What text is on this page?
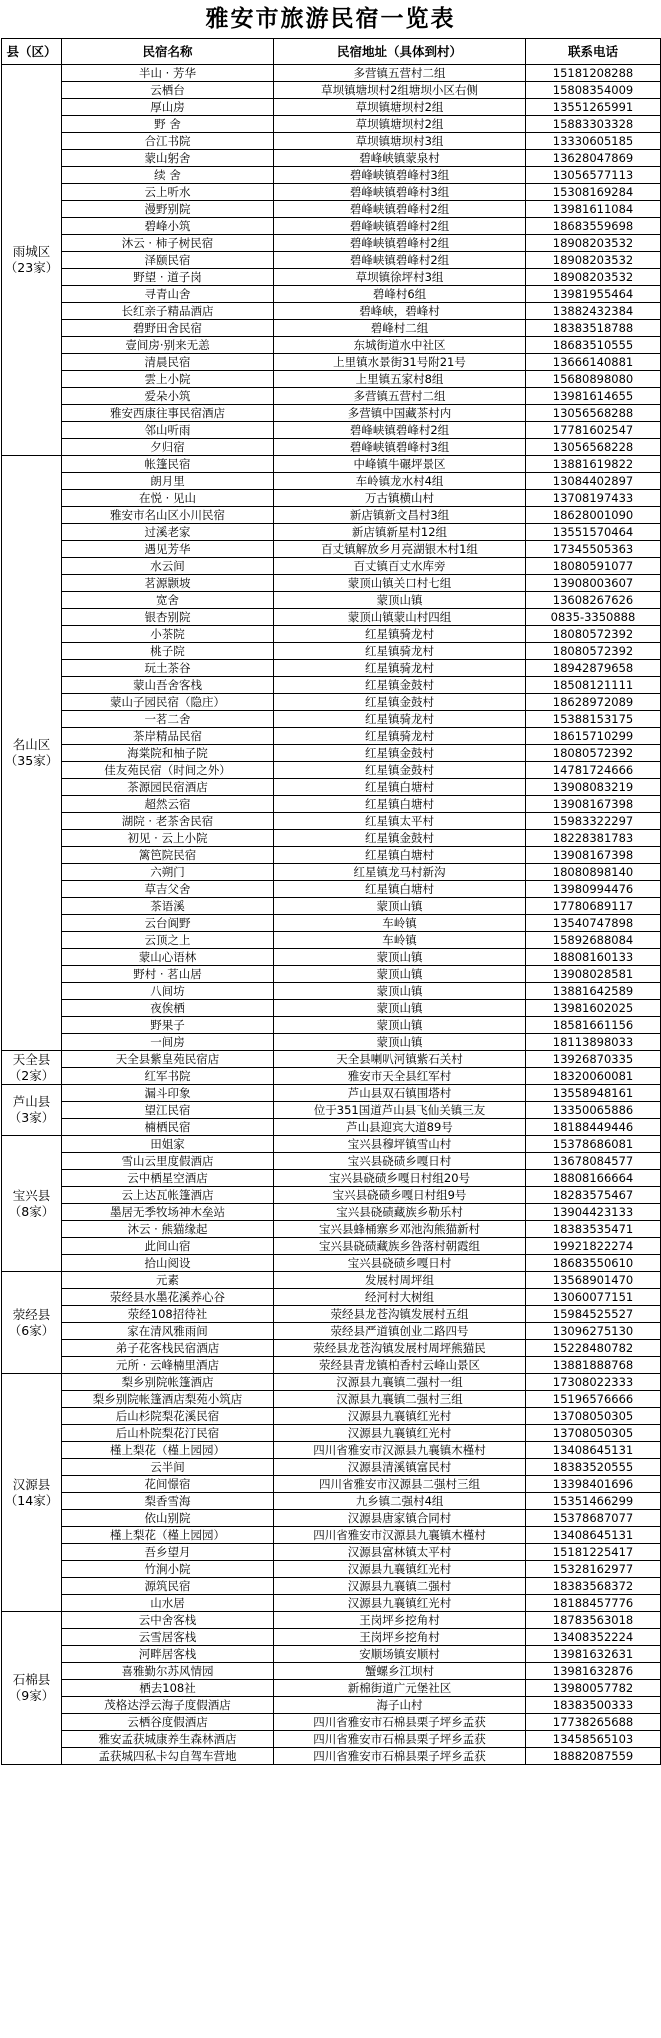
雅安市旅游民宿一览表
县（区）	民宿名称	民宿地址（具体到村）	联系电话
雨城区（23家）	半山 · 芳华	多营镇五营村二组	15181208288
	云栖台	草坝镇塘坝村2组塘坝小区右侧	15808354009
	厚山房	草坝镇塘坝村2组	13551265991
	野 舍	草坝镇塘坝村2组	15883303328
	合江书院	草坝镇塘坝村3组	13330605185
	蒙山躬舍	碧峰峡镇蒙泉村	13628047869
	续 舍	碧峰峡镇碧峰村3组	13056577113
	云上听水	碧峰峡镇碧峰村3组	15308169284
	漫野别院	碧峰峡镇碧峰村2组	13981611084
	碧峰小筑	碧峰峡镇碧峰村2组	18683559698
	沐云 · 柿子树民宿	碧峰峡镇碧峰村2组	18908203532
	泽颐民宿	碧峰峡镇碧峰村2组	18908203532
	野望 · 道子岗	草坝镇徐坪村3组	18908203532
	寻青山舍	碧峰村6组	13981955464
	长红亲子精品酒店	碧峰峡，碧峰村	13882432384
	碧野田舍民宿	碧峰村二组	18383518788
	壹间房·别来无恙	东城街道水中社区	18683510555
	清晨民宿	上里镇水景街31号附21号	13666140881
	雲上小院	上里镇五家村8组	15680898080
	爱朵小筑	多营镇五营村二组	13981614655
	雅安西康往事民宿酒店	多营镇中国藏茶村内	13056568288
	邻山听雨	碧峰峡镇碧峰村2组	17781602547
	夕归宿	碧峰峡镇碧峰村3组	13056568228
名山区（35家）	帐篷民宿	中峰镇牛碾坪景区	13881619822
	朗月里	车岭镇龙水村4组	13084402897
	在悦 · 见山	万古镇横山村	13708197433
	雅安市名山区小川民宿	新店镇新文昌村3组	18628001090
	过溪老家	新店镇新星村12组	13551570464
	遇见芳华	百丈镇解放乡月亮湖银木村1组	17345505363
	水云间	百丈镇百丈水库旁	18080591077
	茗源颢坡	蒙顶山镇关口村七组	13908003607
	宽舍	蒙顶山镇	13608267626
	银杏别院	蒙顶山镇蒙山村四组	0835-3350888
	小茶院	红星镇骑龙村	18080572392
	桃子院	红星镇骑龙村	18080572392
	玩土茶谷	红星镇骑龙村	18942879658
	蒙山吾舍客栈	红星镇金鼓村	18508121111
	蒙山子园民宿（隐庄）	红星镇金鼓村	18628972089
	一茗二舍	红星镇骑龙村	15388153175
	茶岸精品民宿	红星镇骑龙村	18615710299
	海棠院和柚子院	红星镇金鼓村	18080572392
	佳友苑民宿（时间之外）	红星镇金鼓村	14781724666
	茶源园民宿酒店	红星镇白塘村	13908083219
	超然云宿	红星镇白塘村	13908167398
	湖院 · 老茶舍民宿	红星镇太平村	15983322297
	初见 · 云上小院	红星镇金鼓村	18228381783
	篱笆院民宿	红星镇白塘村	13908167398
	六朔门	红星镇龙马村新沟	18080898140
	草吉父舍	红星镇白塘村	13980994476
	茶语溪	蒙顶山镇	17780689117
	云台阆野	车岭镇	13540747898
	云顶之上	车岭镇	15892688084
	蒙山心语林	蒙顶山镇	18808160133
	野村 · 茗山居	蒙顶山镇	13908028581
	八间坊	蒙顶山镇	13881642589
	夜俟栖	蒙顶山镇	13981602025
	野果子	蒙顶山镇	18581661156
	一间房	蒙顶山镇	18113898033
天全县（2家）	天全县紫皇苑民宿店	天全县喇叭河镇紫石关村	13926870335
	红军书院	雅安市天全县红军村	18320060081
芦山县（3家）	漏斗印象	芦山县双石镇围塔村	13558948161
	望江民宿	位于351国道芦山县飞仙关镇三友	13350065886
	楠栖民宿	芦山县迎宾大道89号	18188449446
宝兴县（8家）	田姐家	宝兴县穆坪镇雪山村	15378686081
	雪山云里度假酒店	宝兴县硗碛乡嘎日村	13678084577
	云中栖星空酒店	宝兴县硗碛乡嘎日村组20号	18808166664
	云上达瓦帐篷酒店	宝兴县硗碛乡嘎日村组9号	18283575467
	墨居无季牧场神木垒站	宝兴县硗碛藏族乡勒乐村	13904423133
	沐云 · 熊猫缘起	宝兴县蜂桶寨乡邓池沟熊猫新村	18383535471
	此间山宿	宝兴县硗碛藏族乡咎落村朝霞组	19921822274
	拾山阅设	宝兴县硗碛乡嘎日村	18683550610
荥经县（6家）	元素	发展村周坪组	13568901470
	荥经县水墨花溪养心谷	经河村大树组	13060077151
	荥经108招待社	荥经县龙苍沟镇发展村五组	15984525527
	家在清风雅雨间	荥经县严道镇创业二路四号	13096275130
	弟子花客栈民宿酒店	荥经县龙苍沟镇发展村周坪熊猫民	15228480782
	元所 · 云峰楠里酒店	荥经县青龙镇柏香村云峰山景区	13881888768
汉源县（14家）	梨乡别院帐篷酒店	汉源县九襄镇二强村一组	17308022333
	梨乡别院帐篷酒店梨苑小筑店	汉源县九襄镇二强村三组	15196576666
	后山杉院梨花溪民宿	汉源县九襄镇红光村	13708050305
	后山朴院梨花汀民宿	汉源县九襄镇红光村	13708050305
	槿上梨花（槿上园园）	四川省雅安市汉源县九襄镇木槿村	13408645131
	云半间	汉源县清溪镇富民村	18383520555
	花间憬宿	四川省雅安市汉源县二强村三组	13398401696
	梨香雪海	九乡镇二强村4组	15351466299
	依山别院	汉源县唐家镇合同村	15378687077
	槿上梨花（槿上园园）	四川省雅安市汉源县九襄镇木槿村	13408645131
	吾乡望月	汉源县富林镇太平村	15181225417
	竹涧小院	汉源县九襄镇红光村	15328162977
	源筑民宿	汉源县九襄镇二强村	18383568372
	山水居	汉源县九襄镇红光村	18188457776
石棉县（9家）	云中舍客栈	王岗坪乡挖角村	18783563018
	云雪居客栈	王岗坪乡挖角村	13408352224
	河畔居客栈	安顺场镇安顺村	13981632631
	喜雅勤尔苏风情园	蟹螺乡江坝村	13981632876
	栖去108社	新棉街道广元堡社区	13980057782
	茂格达浮云海子度假酒店	海子山村	18383500333
	云栖谷度假酒店	四川省雅安市石棉县栗子坪乡孟获	17738265688
	雅安孟获城康养生森林酒店	四川省雅安市石棉县栗子坪乡孟获	13458565103
	孟获城四私卡勾自驾车营地	四川省雅安市石棉县栗子坪乡孟获	18882087559
